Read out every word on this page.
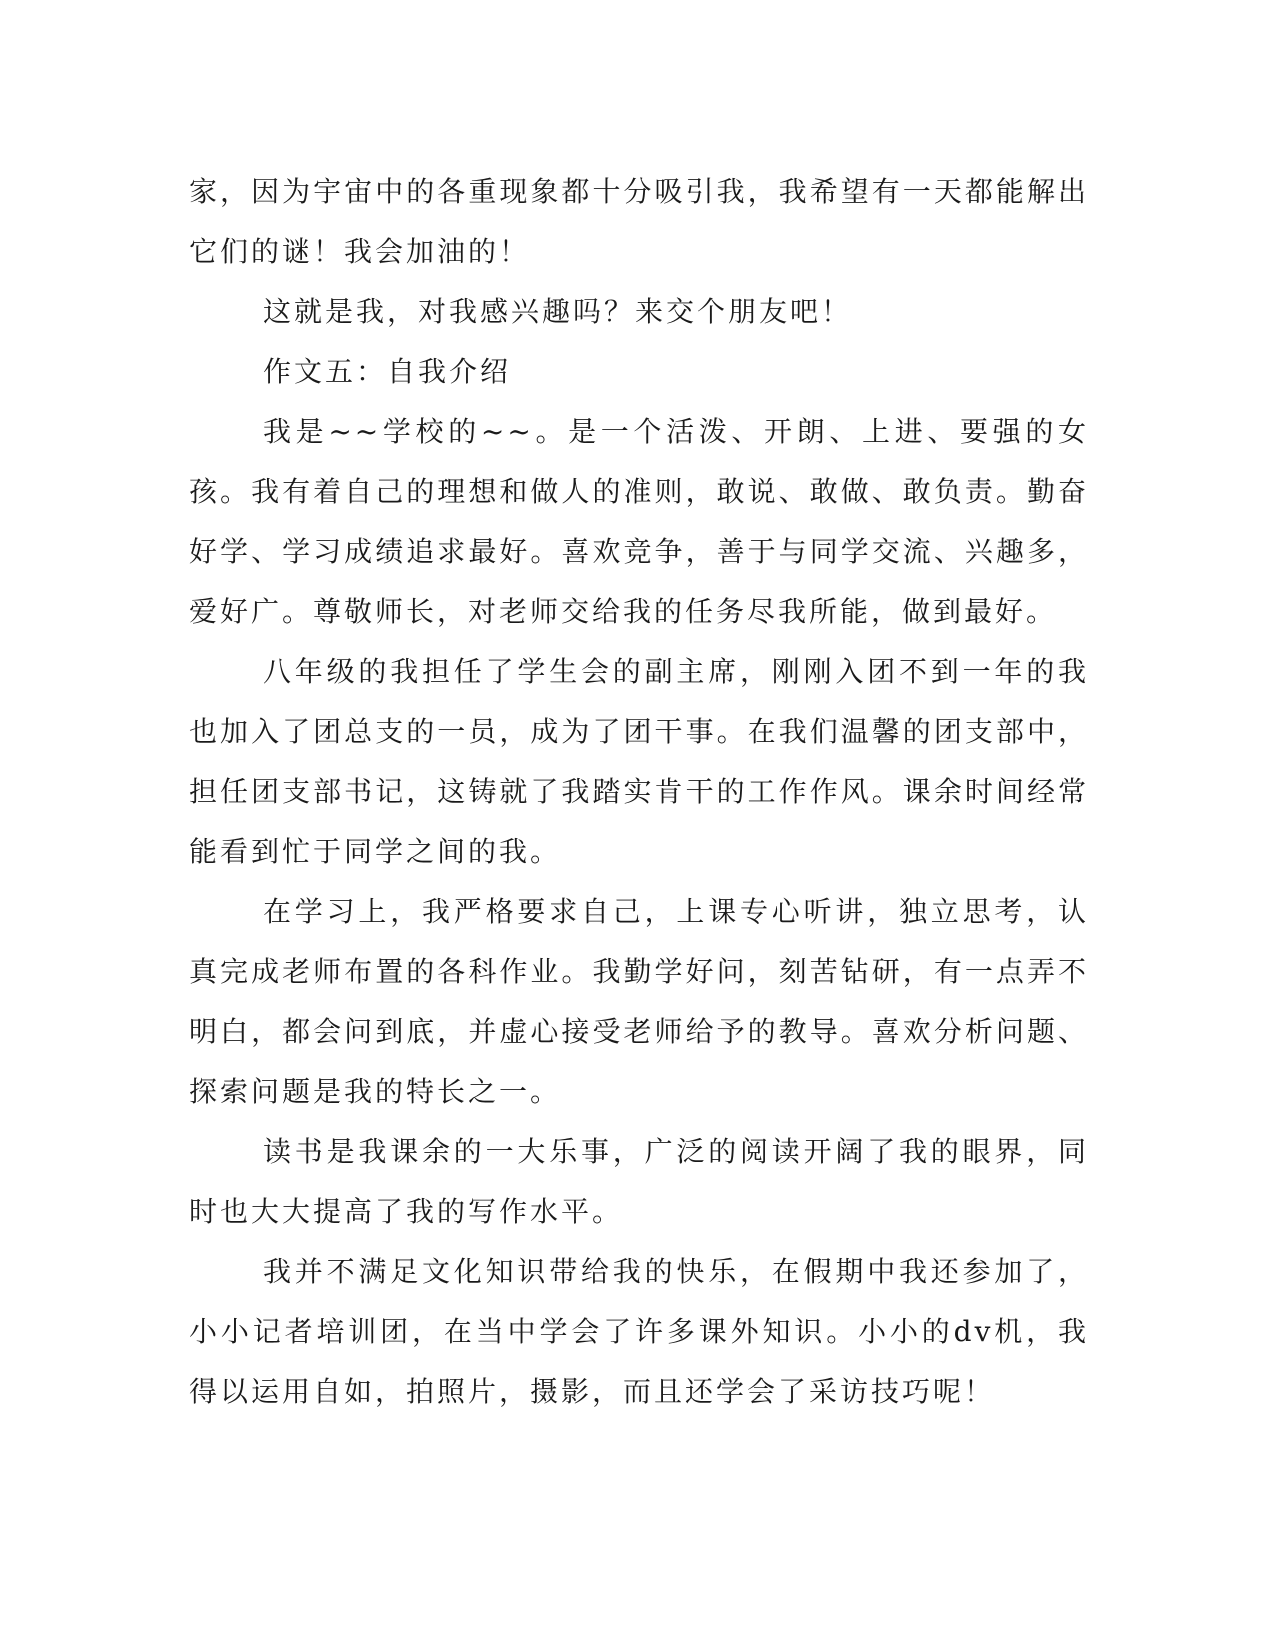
家，因为宇宙中的各重现象都十分吸引我，我希望有一天都能解出它们的谜！我会加油的！

这就是我，对我感兴趣吗？来交个朋友吧！

作文五：自我介绍

我是~~学校的~~。是一个活泼、开朗、上进、要强的女孩。我有着自己的理想和做人的准则，敢说、敢做、敢负责。勤奋好学、学习成绩追求最好。喜欢竞争，善于与同学交流、兴趣多，爱好广。尊敬师长，对老师交给我的任务尽我所能，做到最好。

八年级的我担任了学生会的副主席，刚刚入团不到一年的我也加入了团总支的一员，成为了团干事。在我们温馨的团支部中，担任团支部书记，这铸就了我踏实肯干的工作作风。课余时间经常能看到忙于同学之间的我。

在学习上，我严格要求自己，上课专心听讲，独立思考，认真完成老师布置的各科作业。我勤学好问，刻苦钻研，有一点弄不明白，都会问到底，并虚心接受老师给予的教导。喜欢分析问题、探索问题是我的特长之一。

读书是我课余的一大乐事，广泛的阅读开阔了我的眼界，同时也大大提高了我的写作水平。

我并不满足文化知识带给我的快乐，在假期中我还参加了，小小记者培训团，在当中学会了许多课外知识。小小的dv机，我得以运用自如，拍照片，摄影，而且还学会了采访技巧呢！
